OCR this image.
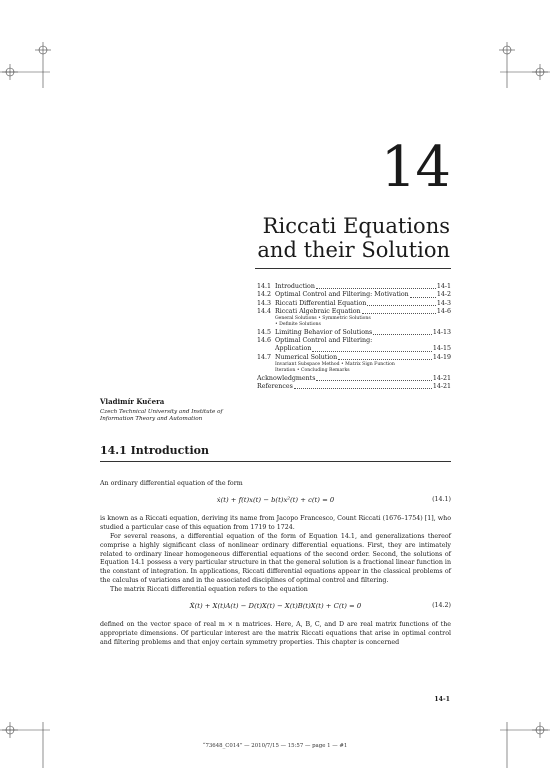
14
Riccati Equations
and their Solution
14.1 Introduction	14-1
14.2 Optimal Control and Filtering: Motivation	14-2
14.3 Riccati Differential Equation	14-3
14.4 Riccati Algebraic Equation	14-6
General Solutions • Symmetric Solutions
• Definite Solutions
14.5 Limiting Behavior of Solutions	14-13
14.6 Optimal Control and Filtering:
Application	14-15
14.7 Numerical Solution	14-19
Invariant Subspace Method • Matrix Sign Function
Iteration • Concluding Remarks
Acknowledgments	14-21
References	14-21
Vladimír Kučera
Czech Technical University and Institute of
Information Theory and Automation
14.1 Introduction

An ordinary differential equation of the form

ẋ(t) + f(t)x(t) − b(t)x²(t) + c(t) = 0	(14.1)

is known as a Riccati equation, deriving its name from Jacopo Francesco, Count Riccati (1676–1754) [1], who studied a particular case of this equation from 1719 to 1724.

For several reasons, a differential equation of the form of Equation 14.1, and generalizations thereof comprise a highly significant class of nonlinear ordinary differential equations. First, they are intimately related to ordinary linear homogeneous differential equations of the second order. Second, the solutions of Equation 14.1 possess a very particular structure in that the general solution is a fractional linear function in the constant of integration. In applications, Riccati differential equations appear in the classical problems of the calculus of variations and in the associated disciplines of optimal control and filtering.

The matrix Riccati differential equation refers to the equation

Ẋ(t) + X(t)A(t) − D(t)X(t) − X(t)B(t)X(t) + C(t) = 0	(14.2)

defined on the vector space of real m × n matrices. Here, A, B, C, and D are real matrix functions of the appropriate dimensions. Of particular interest are the matrix Riccati equations that arise in optimal control and filtering problems and that enjoy certain symmetry properties. This chapter is concerned

14-1
“73648_C014” — 2010/7/15 — 15:57 — page 1 — #1
